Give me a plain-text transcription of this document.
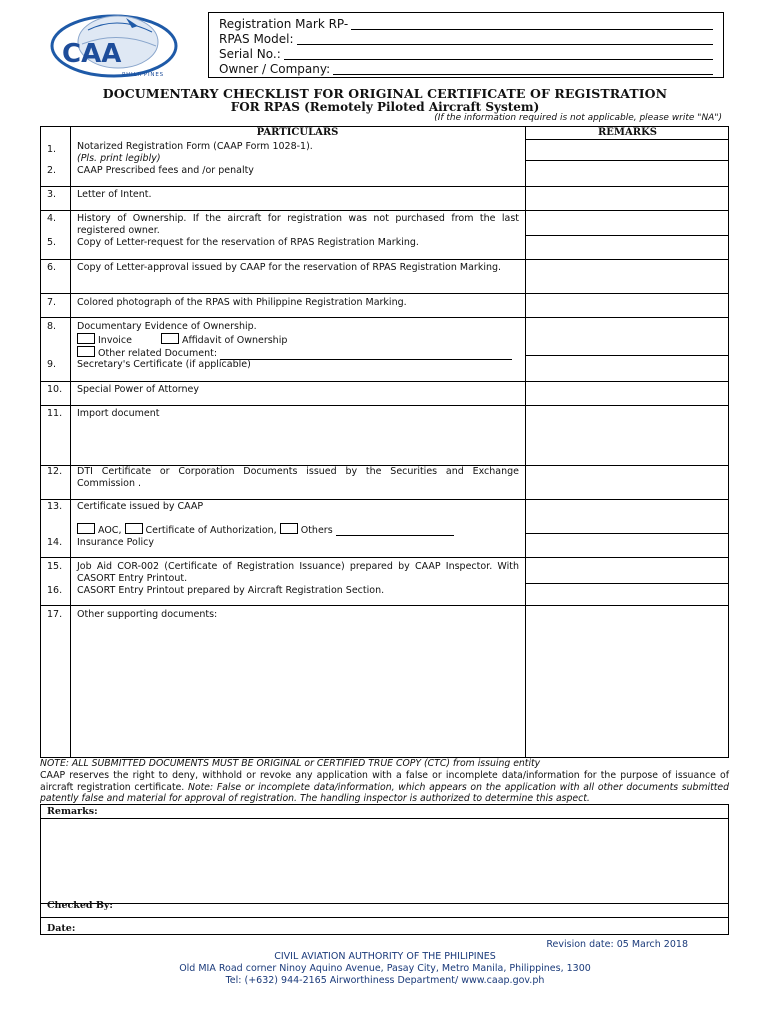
CAA
PHILIPPINES
Registration Mark RP-
RPAS Model:
Serial No.:
Owner / Company:
DOCUMENTARY CHECKLIST FOR ORIGINAL CERTIFICATE OF REGISTRATION
FOR RPAS (Remotely Piloted Aircraft System)
(If the information required is not applicable, please write "NA")
PARTICULARS	REMARKS
1.	Notarized Registration Form (CAAP Form 1028-1).
(Pls. print legibly)
2.	CAAP Prescribed fees and /or penalty
3.	Letter of Intent.
4.	History of Ownership. If the aircraft for registration was not purchased from the last registered owner.
5.	Copy of Letter-request for the reservation of RPAS Registration Marking.
6.	Copy of Letter-approval issued by CAAP for the reservation of RPAS Registration Marking.
7.	Colored photograph of the RPAS with Philippine Registration Marking.
8.	Documentary Evidence of Ownership.
Invoice	Affidavit of Ownership
Other related Document:
9.	Secretary's Certificate (if applicable)
10.	Special Power of Attorney
11.	Import document
12.	DTI Certificate or Corporation Documents issued by the Securities and Exchange Commission .
13.	Certificate issued by CAAP

AOC,	Certificate of Authorization,	Others
14.	Insurance Policy
15.	Job Aid COR-002 (Certificate of Registration Issuance) prepared by CAAP Inspector. With CASORT Entry Printout.
16.	CASORT Entry Printout prepared by Aircraft Registration Section.
17.	Other supporting documents:
NOTE: ALL SUBMITTED DOCUMENTS MUST BE ORIGINAL or CERTIFIED TRUE COPY (CTC) from issuing entity
CAAP reserves the right to deny, withhold or revoke any application with a false or incomplete data/information for the purpose of issuance of aircraft registration certificate. Note: False or incomplete data/information, which appears on the application with all other documents submitted patently false and material for approval of registration. The handling inspector is authorized to determine this aspect.
Remarks:
Checked By:
Date:
Revision date: 05 March 2018
CIVIL AVIATION AUTHORITY OF THE PHILIPINES
Old MIA Road corner Ninoy Aquino Avenue, Pasay City, Metro Manila, Philippines, 1300
Tel: (+632) 944-2165 Airworthiness Department/ www.caap.gov.ph
